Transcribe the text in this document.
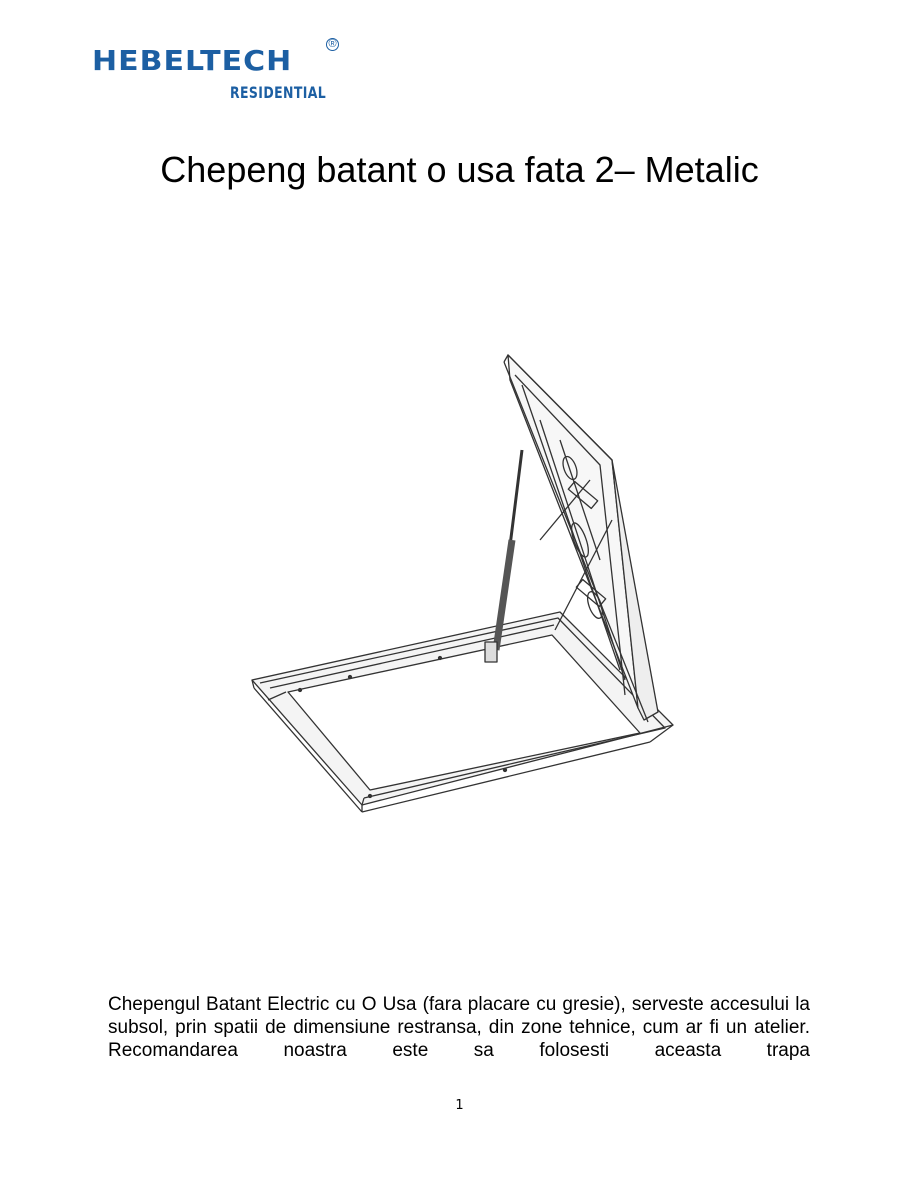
HEBELTECH
®
RESIDENTIAL
Chepeng batant o usa fata 2– Metalic

Chepengul Batant Electric cu O Usa (fara placare cu gresie), serveste accesului la subsol, prin spatii de dimensiune restransa, din zone tehnice, cum ar fi un atelier. Recomandarea noastra este sa folosesti aceasta trapa

1
